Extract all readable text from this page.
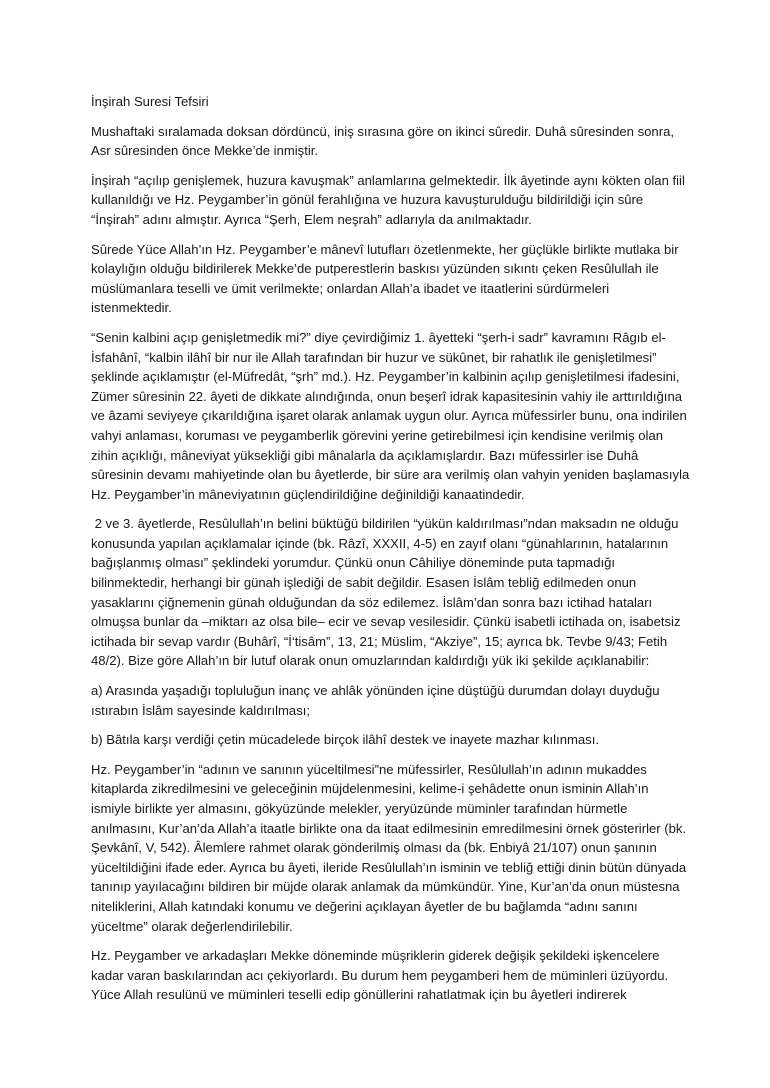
İnşirah Suresi Tefsiri

Mushaftaki sıralamada doksan dördüncü, iniş sırasına göre on ikinci sûredir. Duhâ sûresinden sonra, Asr sûresinden önce Mekke’de inmiştir.

İnşirah “açılıp genişlemek, huzura kavuşmak” anlamlarına gelmektedir. İlk âyetinde aynı kökten olan fiil kullanıldığı ve Hz. Peygamber’in gönül ferahlığına ve huzura kavuşturulduğu bildirildiği için sûre “İnşirah” adını almıştır. Ayrıca “Şerh, Elem neşrah” adlarıyla da anılmaktadır.

Sûrede Yüce Allah’ın Hz. Peygamber’e mânevî lutufları özetlenmekte, her güçlükle birlikte mutlaka bir kolaylığın olduğu bildirilerek Mekke’de putperestlerin baskısı yüzünden sıkıntı çeken Resûlullah ile müslümanlara teselli ve ümit verilmekte; onlardan Allah’a ibadet ve itaatlerini sürdürmeleri istenmektedir.

“Senin kalbini açıp genişletmedik mi?” diye çevirdiğimiz 1. âyetteki “şerh-i sadr” kavramını Râgıb el-İsfahânî, “kalbin ilâhî bir nur ile Allah tarafından bir huzur ve sükûnet, bir rahatlık ile genişletilmesi” şeklinde açıklamıştır (el-Müfredât, “şrh” md.). Hz. Peygamber’in kalbinin açılıp genişletilmesi ifadesini, Zümer sûresinin 22. âyeti de dikkate alındığında, onun beşerî idrak kapasitesinin vahiy ile arttırıldığına ve âzami seviyeye çıkarıldığına işaret olarak anlamak uygun olur. Ayrıca müfessirler bunu, ona indirilen vahyi anlaması, koruması ve peygamberlik görevini yerine getirebilmesi için kendisine verilmiş olan zihin açıklığı, mâneviyat yüksekliği gibi mânalarla da açıklamışlardır. Bazı müfessirler ise Duhâ sûresinin devamı mahiyetinde olan bu âyetlerde, bir süre ara verilmiş olan vahyin yeniden başlamasıyla Hz. Peygamber’in mâneviyatının güçlendirildiğine değinildiği kanaatindedir.

2 ve 3. âyetlerde, Resûlullah’ın belini büktüğü bildirilen “yükün kaldırılması”ndan maksadın ne olduğu konusunda yapılan açıklamalar içinde (bk. Râzî, XXXII, 4-5) en zayıf olanı “günahlarının, hatalarının bağışlanmış olması” şeklindeki yorumdur. Çünkü onun Câhiliye döneminde puta tapmadığı bilinmektedir, herhangi bir günah işlediği de sabit değildir. Esasen İslâm tebliğ edilmeden onun yasaklarını çiğnemenin günah olduğundan da söz edilemez. İslâm’dan sonra bazı ictihad hataları olmuşsa bunlar da –miktarı az olsa bile– ecir ve sevap vesilesidir. Çünkü isabetli ictihada on, isabetsiz ictihada bir sevap vardır (Buhârî, “İ‘tisâm”, 13, 21; Müslim, “Akziye”, 15; ayrıca bk. Tevbe 9/43; Fetih 48/2). Bize göre Allah’ın bir lutuf olarak onun omuzlarından kaldırdığı yük iki şekilde açıklanabilir:

a) Arasında yaşadığı topluluğun inanç ve ahlâk yönünden içine düştüğü durumdan dolayı duyduğu ıstırabın İslâm sayesinde kaldırılması;

b) Bâtıla karşı verdiği çetin mücadelede birçok ilâhî destek ve inayete mazhar kılınması.

Hz. Peygamber’in “adının ve sanının yüceltilmesi”ne müfessirler, Resûlullah’ın adının mukaddes kitaplarda zikredilmesini ve geleceğinin müjdelenmesini, kelime-i şehâdette onun isminin Allah’ın ismiyle birlikte yer almasını, gökyüzünde melekler, yeryüzünde müminler tarafından hürmetle anılmasını, Kur’an’da Allah’a itaatle birlikte ona da itaat edilmesinin emredilmesini örnek gösterirler (bk. Şevkânî, V, 542). Âlemlere rahmet olarak gönderilmiş olması da (bk. Enbiyâ 21/107) onun şanının yüceltildiğini ifade eder. Ayrıca bu âyeti, ileride Resûlullah’ın isminin ve tebliğ ettiği dinin bütün dünyada tanınıp yayılacağını bildiren bir müjde olarak anlamak da mümkündür. Yine, Kur’an’da onun müstesna niteliklerini, Allah katındaki konumu ve değerini açıklayan âyetler de bu bağlamda “adını sanını yüceltme” olarak değerlendirilebilir.

Hz. Peygamber ve arkadaşları Mekke döneminde müşriklerin giderek değişik şekildeki işkencelere kadar varan baskılarından acı çekiyorlardı. Bu durum hem peygamberi hem de müminleri üzüyordu. Yüce Allah resulünü ve müminleri teselli edip gönüllerini rahatlatmak için bu âyetleri indirerek
